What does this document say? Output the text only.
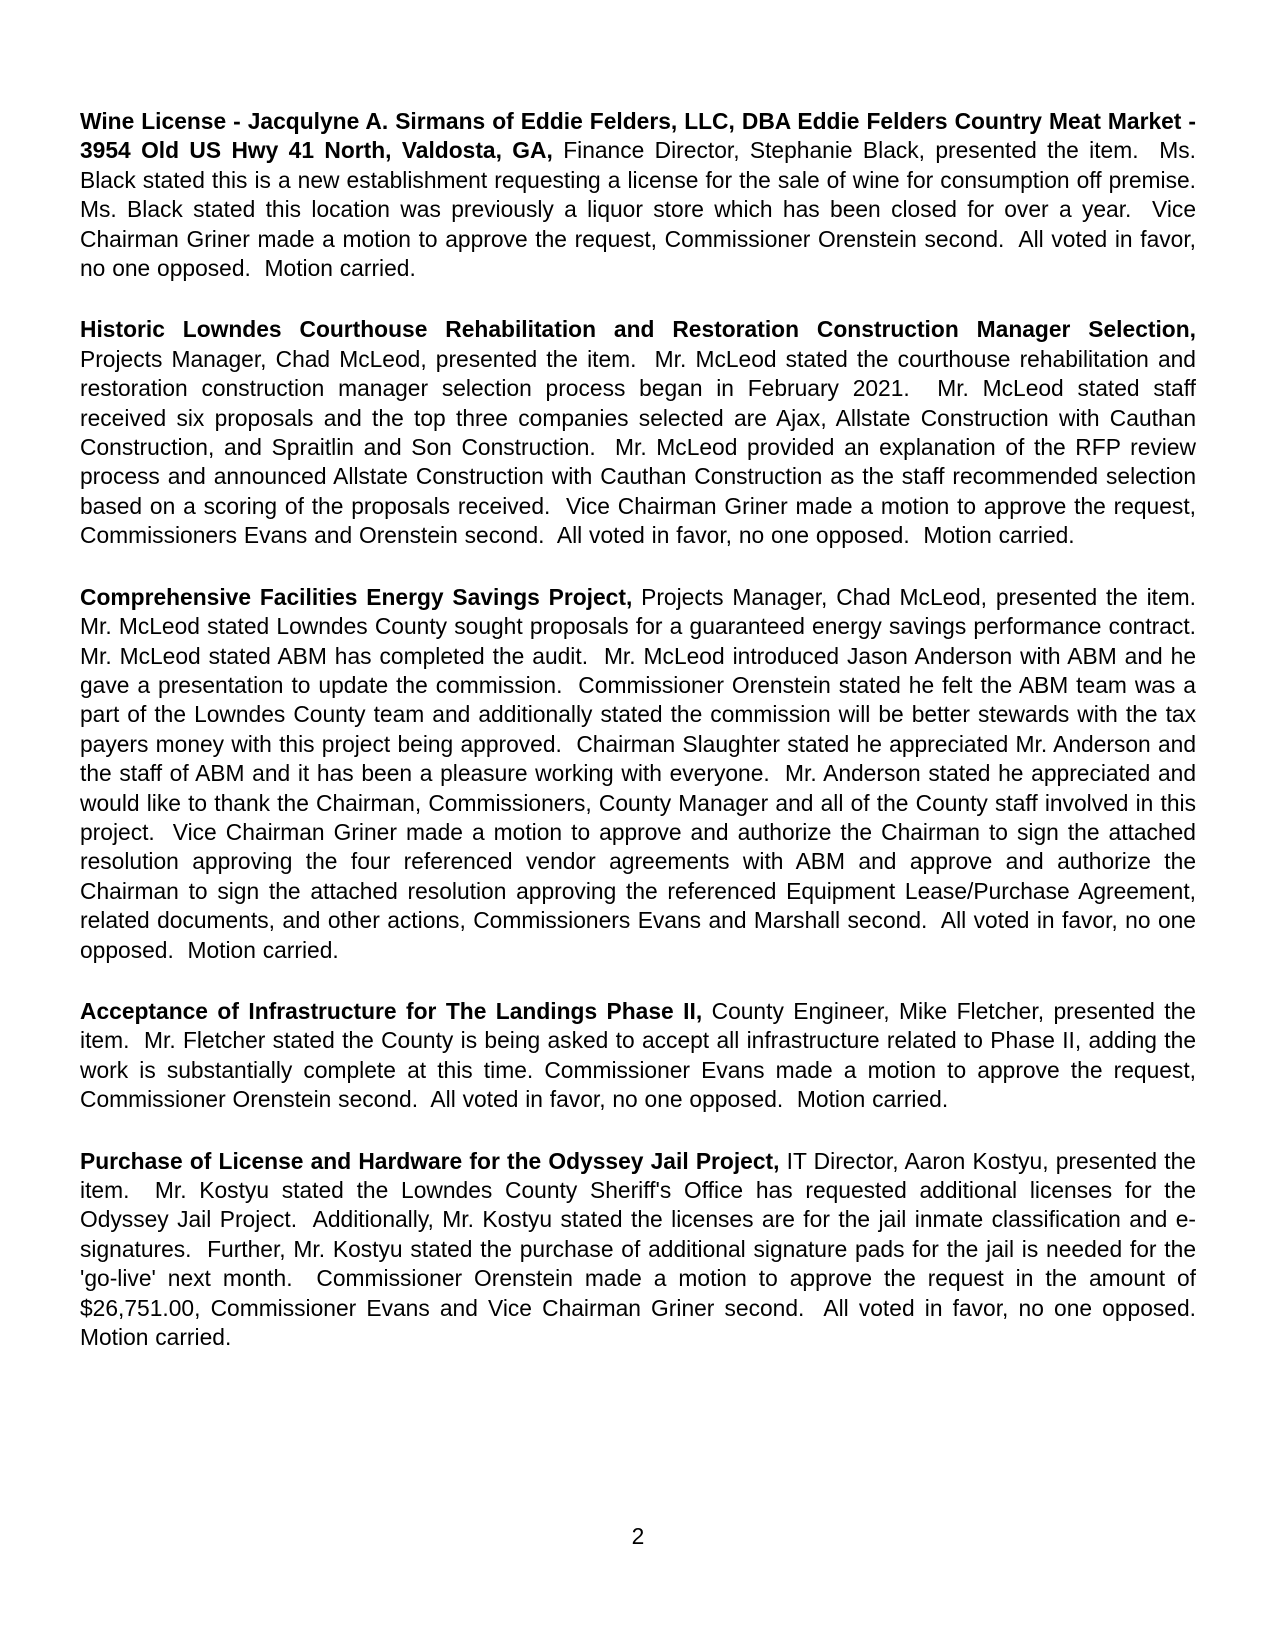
Wine License - Jacqulyne A. Sirmans of Eddie Felders, LLC, DBA Eddie Felders Country Meat Market - 3954 Old US Hwy 41 North, Valdosta, GA, Finance Director, Stephanie Black, presented the item.  Ms. Black stated this is a new establishment requesting a license for the sale of wine for consumption off premise.  Ms. Black stated this location was previously a liquor store which has been closed for over a year.  Vice Chairman Griner made a motion to approve the request, Commissioner Orenstein second.  All voted in favor, no one opposed.  Motion carried.

Historic Lowndes Courthouse Rehabilitation and Restoration Construction Manager Selection, Projects Manager, Chad McLeod, presented the item.  Mr. McLeod stated the courthouse rehabilitation and restoration construction manager selection process began in February 2021.  Mr. McLeod stated staff received six proposals and the top three companies selected are Ajax, Allstate Construction with Cauthan Construction, and Spraitlin and Son Construction.  Mr. McLeod provided an explanation of the RFP review process and announced Allstate Construction with Cauthan Construction as the staff recommended selection based on a scoring of the proposals received.  Vice Chairman Griner made a motion to approve the request, Commissioners Evans and Orenstein second.  All voted in favor, no one opposed.  Motion carried.

Comprehensive Facilities Energy Savings Project, Projects Manager, Chad McLeod, presented the item.  Mr. McLeod stated Lowndes County sought proposals for a guaranteed energy savings performance contract.  Mr. McLeod stated ABM has completed the audit.  Mr. McLeod introduced Jason Anderson with ABM and he gave a presentation to update the commission.  Commissioner Orenstein stated he felt the ABM team was a part of the Lowndes County team and additionally stated the commission will be better stewards with the tax payers money with this project being approved.  Chairman Slaughter stated he appreciated Mr. Anderson and the staff of ABM and it has been a pleasure working with everyone.  Mr. Anderson stated he appreciated and would like to thank the Chairman, Commissioners, County Manager and all of the County staff involved in this project.  Vice Chairman Griner made a motion to approve and authorize the Chairman to sign the attached resolution approving the four referenced vendor agreements with ABM and approve and authorize the Chairman to sign the attached resolution approving the referenced Equipment Lease/Purchase Agreement, related documents, and other actions, Commissioners Evans and Marshall second.  All voted in favor, no one opposed.  Motion carried.

Acceptance of Infrastructure for The Landings Phase II, County Engineer, Mike Fletcher, presented the item.  Mr. Fletcher stated the County is being asked to accept all infrastructure related to Phase II, adding the work is substantially complete at this time. Commissioner Evans made a motion to approve the request, Commissioner Orenstein second.  All voted in favor, no one opposed.  Motion carried.

Purchase of License and Hardware for the Odyssey Jail Project, IT Director, Aaron Kostyu, presented the item.  Mr. Kostyu stated the Lowndes County Sheriff's Office has requested additional licenses for the Odyssey Jail Project.  Additionally, Mr. Kostyu stated the licenses are for the jail inmate classification and e-signatures.  Further, Mr. Kostyu stated the purchase of additional signature pads for the jail is needed for the 'go-live' next month.  Commissioner Orenstein made a motion to approve the request in the amount of $26,751.00, Commissioner Evans and Vice Chairman Griner second.  All voted in favor, no one opposed.  Motion carried.

2
